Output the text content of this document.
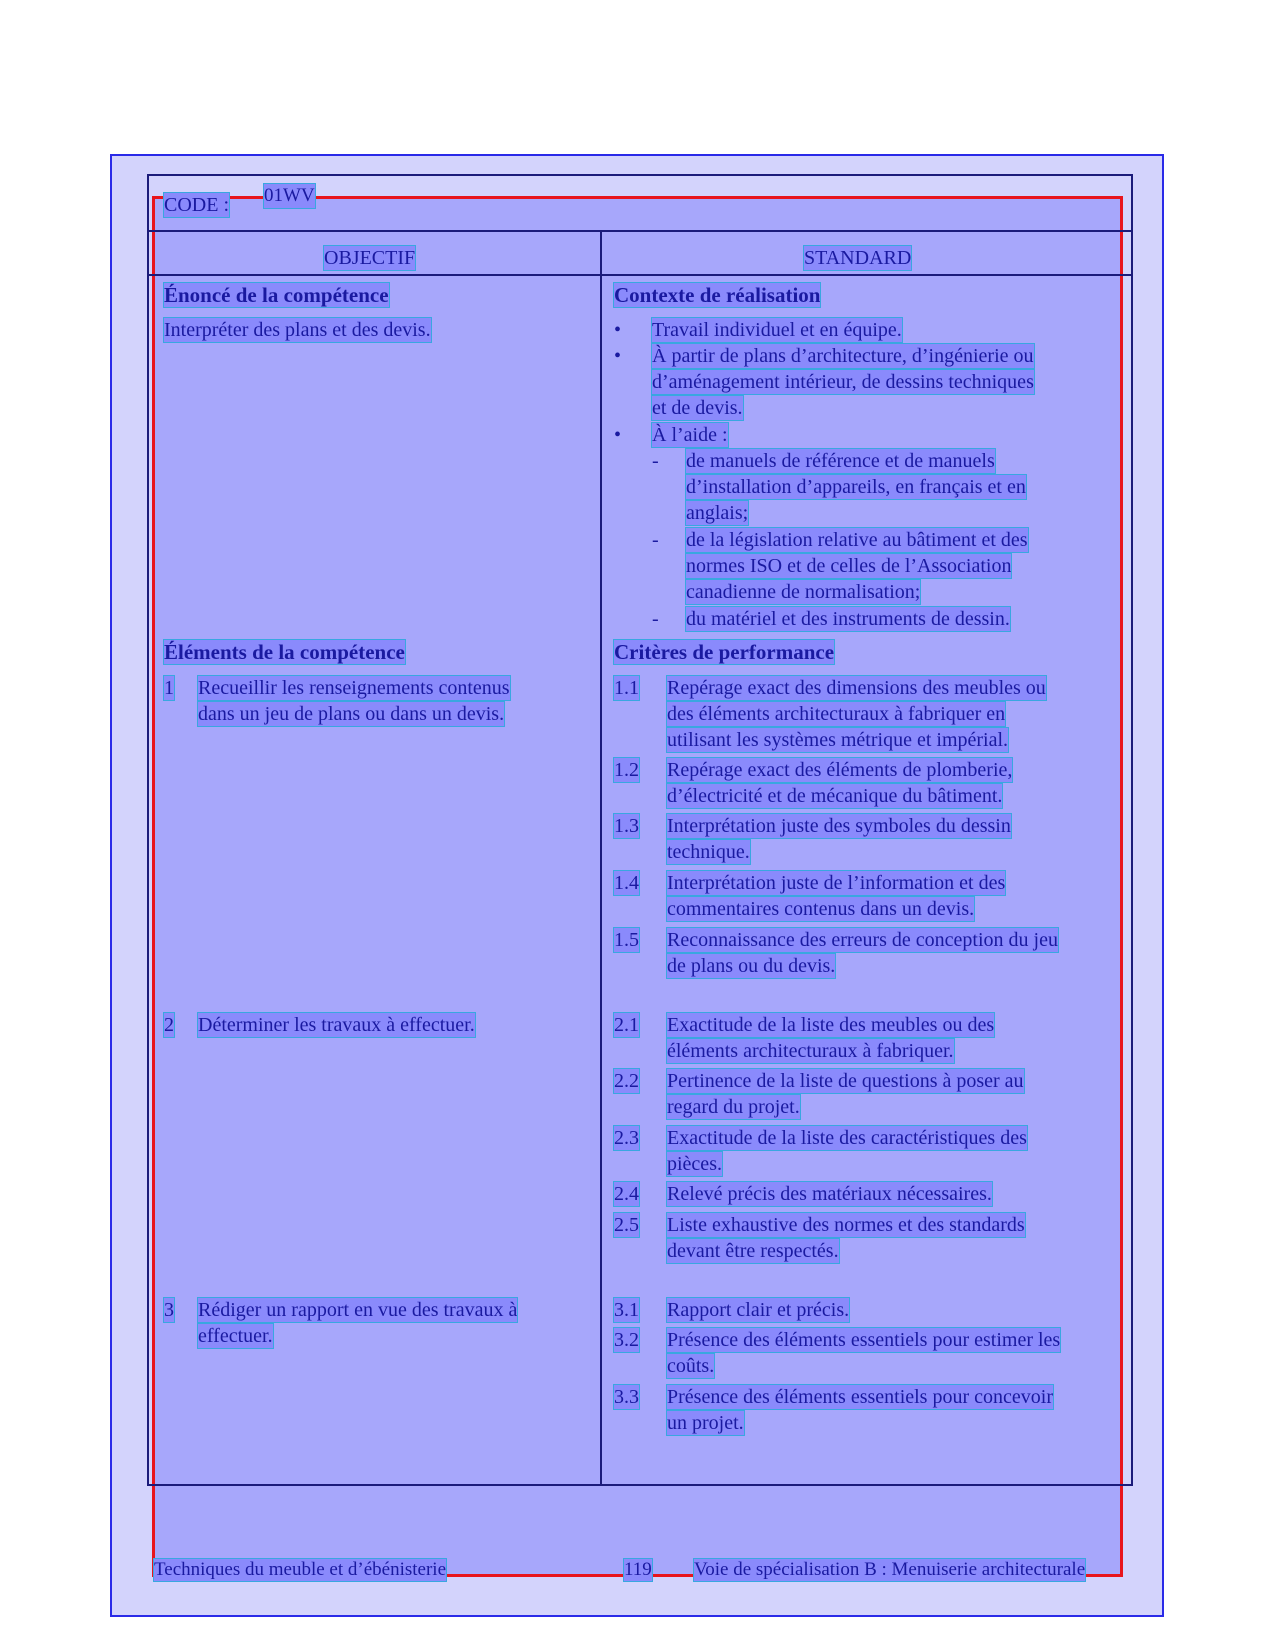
CODE : 01WV
OBJECTIF	STANDARD
Énoncé de la compétence
Interpréter des plans et des devis.
Éléments de la compétence
1 Recueillir les renseignements contenus
dans un jeu de plans ou dans un devis.
2 Déterminer les travaux à effectuer.
3 Rédiger un rapport en vue des travaux à
effectuer.
Contexte de réalisation
• Travail individuel et en équipe.
• À partir de plans d’architecture, d’ingénierie ou
d’aménagement intérieur, de dessins techniques
et de devis.
• À l’aide :
- de manuels de référence et de manuels
d’installation d’appareils, en français et en
anglais;
- de la législation relative au bâtiment et des
normes ISO et de celles de l’Association
canadienne de normalisation;
- du matériel et des instruments de dessin.
Critères de performance
1.1 Repérage exact des dimensions des meubles ou
des éléments architecturaux à fabriquer en
utilisant les systèmes métrique et impérial.
1.2 Repérage exact des éléments de plomberie,
d’électricité et de mécanique du bâtiment.
1.3 Interprétation juste des symboles du dessin
technique.
1.4 Interprétation juste de l’information et des
commentaires contenus dans un devis.
1.5 Reconnaissance des erreurs de conception du jeu
de plans ou du devis.
2.1 Exactitude de la liste des meubles ou des
éléments architecturaux à fabriquer.
2.2 Pertinence de la liste de questions à poser au
regard du projet.
2.3 Exactitude de la liste des caractéristiques des
pièces.
2.4 Relevé précis des matériaux nécessaires.
2.5 Liste exhaustive des normes et des standards
devant être respectés.
3.1 Rapport clair et précis.
3.2 Présence des éléments essentiels pour estimer les
coûts.
3.3 Présence des éléments essentiels pour concevoir
un projet.
Techniques du meuble et d’ébénisterie	119 Voie de spécialisation B : Menuiserie architecturale
